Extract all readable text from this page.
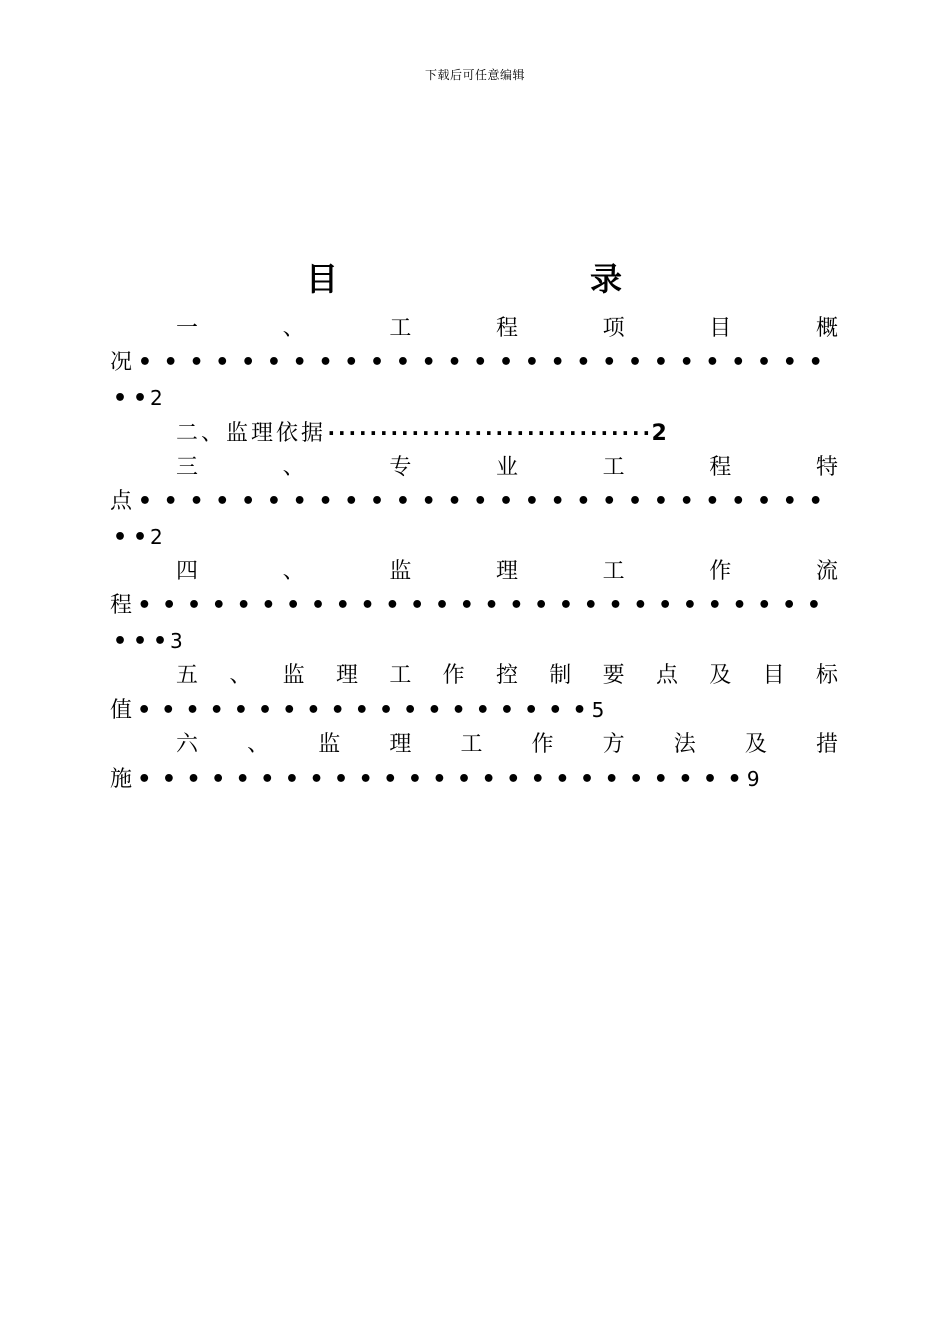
下载后可任意编辑
目	录
一	、	工	程	项	目	概
况 • • • • • • • • • • • • • • • • • • • • • • • • • • •
• • 2
二、监理依据· · · · · · · · · · · · · · · · · · · · · · · · · · · · · · ·2
三	、	专	业	工	程	特
点 • • • • • • • • • • • • • • • • • • • • • • • • • • •
• • 2
四	、	监	理	工	作	流
程 • • • • • • • • • • • • • • • • • • • • • • • • • • • •
• • • 3
五 、 监 理 工 作 控 制 要 点 及 目 标
值 • • • • • • • • • • • • • • • • • • • 5
六 、 监 理 工 作 方 法 及 措
施 • • • • • • • • • • • • • • • • • • • • • • • • • 9
